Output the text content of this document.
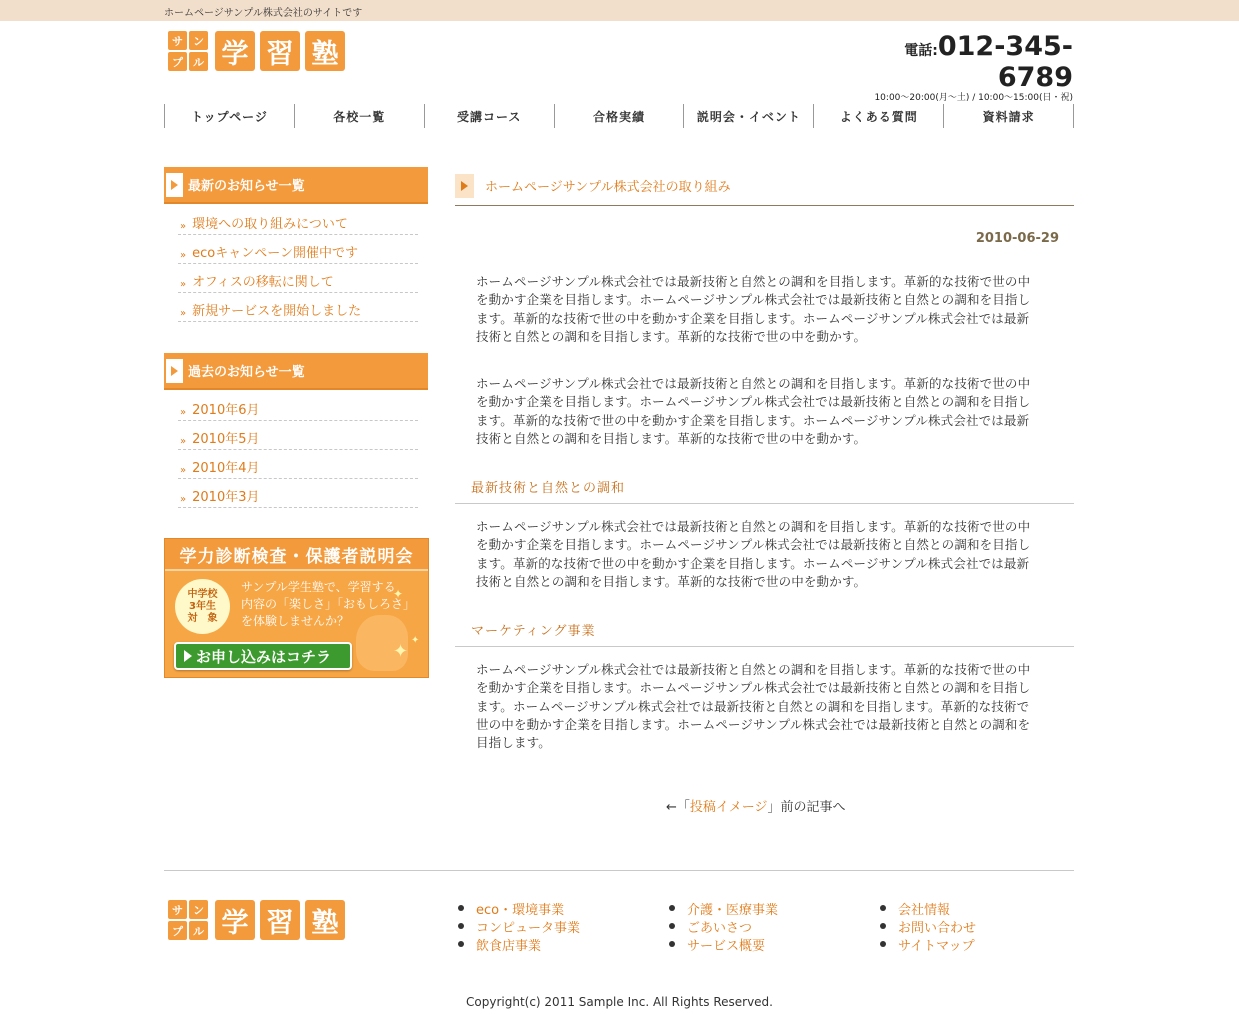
ホームページサンプル株式会社のサイトです
サ ン
プ ル 学 習 塾	電話:012-345-6789
10:00〜20:00(月〜土) / 10:00〜15:00(日・祝)
トップページ	各校一覧	受講コース	合格実績	説明会・イベント	よくある質問	資料請求
最新のお知らせ一覧
» 環境への取り組みについて
» ecoキャンペーン開催中です
» オフィスの移転に関して
» 新規サービスを開始しました
過去のお知らせ一覧
» 2010年6月
» 2010年5月
» 2010年4月
» 2010年3月
学力診断検査・保護者説明会
中学校
3年生
対　象
サンプル学生塾で、学習する
内容の「楽しさ」「おもしろさ」
を体験しませんか？
✦
✦
✦
お申し込みはコチラ
ホームページサンプル株式会社の取り組み
2010-06-29
ホームページサンプル株式会社では最新技術と自然との調和を目指します。革新的な技術で世の中
を動かす企業を目指します。ホームページサンプル株式会社では最新技術と自然との調和を目指し
ます。革新的な技術で世の中を動かす企業を目指します。ホームページサンプル株式会社では最新
技術と自然との調和を目指します。革新的な技術で世の中を動かす。
ホームページサンプル株式会社では最新技術と自然との調和を目指します。革新的な技術で世の中
を動かす企業を目指します。ホームページサンプル株式会社では最新技術と自然との調和を目指し
ます。革新的な技術で世の中を動かす企業を目指します。ホームページサンプル株式会社では最新
技術と自然との調和を目指します。革新的な技術で世の中を動かす。
最新技術と自然との調和
ホームページサンプル株式会社では最新技術と自然との調和を目指します。革新的な技術で世の中
を動かす企業を目指します。ホームページサンプル株式会社では最新技術と自然との調和を目指し
ます。革新的な技術で世の中を動かす企業を目指します。ホームページサンプル株式会社では最新
技術と自然との調和を目指します。革新的な技術で世の中を動かす。
マーケティング事業
ホームページサンプル株式会社では最新技術と自然との調和を目指します。革新的な技術で世の中
を動かす企業を目指します。ホームページサンプル株式会社では最新技術と自然との調和を目指し
ます。ホームページサンプル株式会社では最新技術と自然との調和を目指します。革新的な技術で
世の中を動かす企業を目指します。ホームページサンプル株式会社では最新技術と自然との調和を
目指します。
←「投稿イメージ」前の記事へ
サ ン
プ ル 学 習 塾	eco・環境事業
コンピュータ事業
飲食店事業
介護・医療事業
ごあいさつ
サービス概要
会社情報
お問い合わせ
サイトマップ
Copyright(c) 2011 Sample Inc. All Rights Reserved.
